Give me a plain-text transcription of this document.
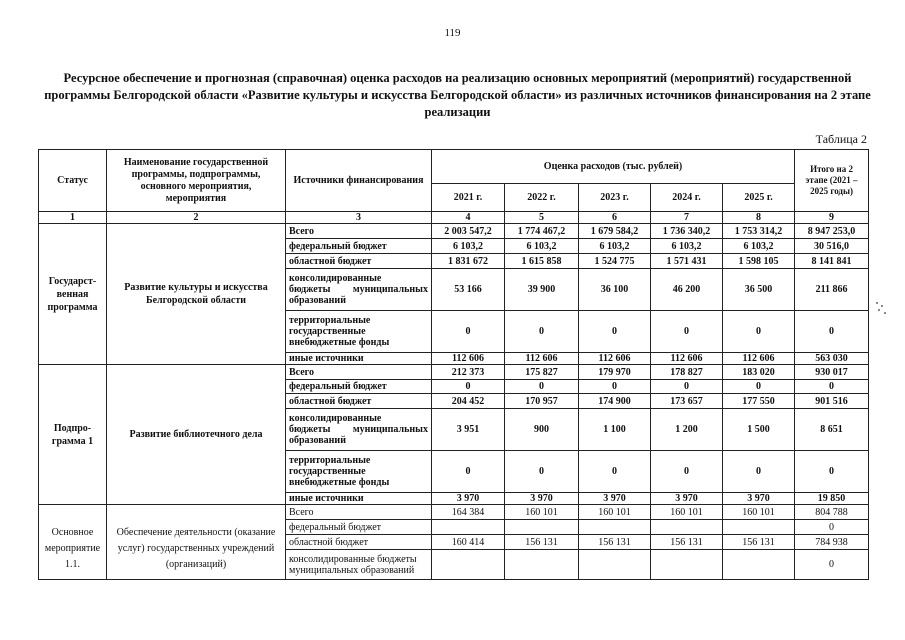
119
Ресурсное обеспечение и прогнозная (справочная) оценка расходов на реализацию основных мероприятий (мероприятий) государственной программы Белгородской области «Развитие культуры и искусства Белгородской области» из различных источников финансирования на 2 этапе реализации
Таблица 2
Статус	Наименование государственной программы, подпрограммы, основного мероприятия, мероприятия	Источники финансирования	Оценка расходов (тыс. рублей)					Итого на 2 этапе (2021 – 2025 годы)
			2021 г.	2022 г.	2023 г.	2024 г.	2025 г.	
1	2	3	4	5	6	7	8	9
Государст-венная программа	Развитие культуры и искусства Белгородской области	Всего	2 003 547,2	1 774 467,2	1 679 584,2	1 736 340,2	1 753 314,2	8 947 253,0
		федеральный бюджет	6 103,2	6 103,2	6 103,2	6 103,2	6 103,2	30 516,0
		областной бюджет	1 831 672	1 615 858	1 524 775	1 571 431	1 598 105	8 141 841

		консолидированные
бюджеты муниципальных
образований	53 166	39 900	36 100	46 200	36 500	211 866

		территориальные
государственные
внебюджетные фонды	0	0	0	0	0	0
		иные источники	112 606	112 606	112 606	112 606	112 606	563 030
Подпро-грамма 1	Развитие библиотечного дела	Всего	212 373	175 827	179 970	178 827	183 020	930 017
		федеральный бюджет	0	0	0	0	0	0
		областной бюджет	204 452	170 957	174 900	173 657	177 550	901 516

		консолидированные
бюджеты муниципальных
образований	3 951	900	1 100	1 200	1 500	8 651

		территориальные
государственные
внебюджетные фонды	0	0	0	0	0	0
		иные источники	3 970	3 970	3 970	3 970	3 970	19 850
Основное мероприятие 1.1.	Обеспечение деятельности (оказание услуг) государственных учреждений (организаций)	Всего	164 384	160 101	160 101	160 101	160 101	804 788
		федеральный бюджет						0
		областной бюджет	160 414	156 131	156 131	156 131	156 131	784 938

		консолидированные бюджеты
муниципальных образований						0
